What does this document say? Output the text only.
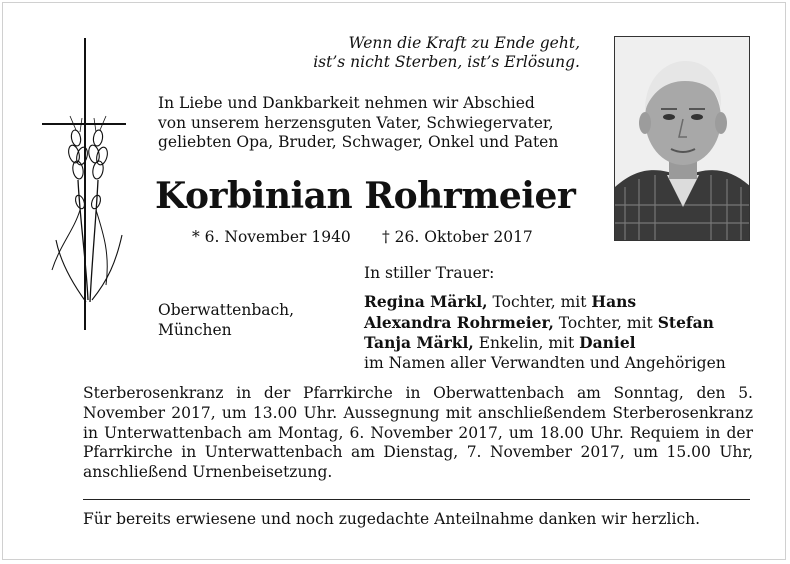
Wenn die Kraft zu Ende geht,
ist’s nicht Sterben, ist’s Erlösung.
In Liebe und Dankbarkeit nehmen wir Abschied
von unserem herzensguten Vater, Schwiegervater,
geliebten Opa, Bruder, Schwager, Onkel und Paten
Korbinian Rohrmeier
* 6. November 1940 † 26. Oktober 2017
Oberwattenbach,
München
In stiller Trauer:
Regina Märkl, Tochter, mit Hans
Alexandra Rohrmeier, Tochter, mit Stefan
Tanja Märkl, Enkelin, mit Daniel
im Namen aller Verwandten und Angehörigen
Sterberosenkranz in der Pfarrkirche in Oberwattenbach am Sonntag, den 5. November 2017, um 13.00 Uhr. Aussegnung mit anschließendem Sterberosenkranz in Unterwattenbach am Montag, 6. November 2017, um 18.00 Uhr. Requiem in der Pfarrkirche in Unterwattenbach am Dienstag, 7. November 2017, um 15.00 Uhr, anschließend Urnenbeisetzung.
Für bereits erwiesene und noch zugedachte Anteilnahme danken wir herzlich.
